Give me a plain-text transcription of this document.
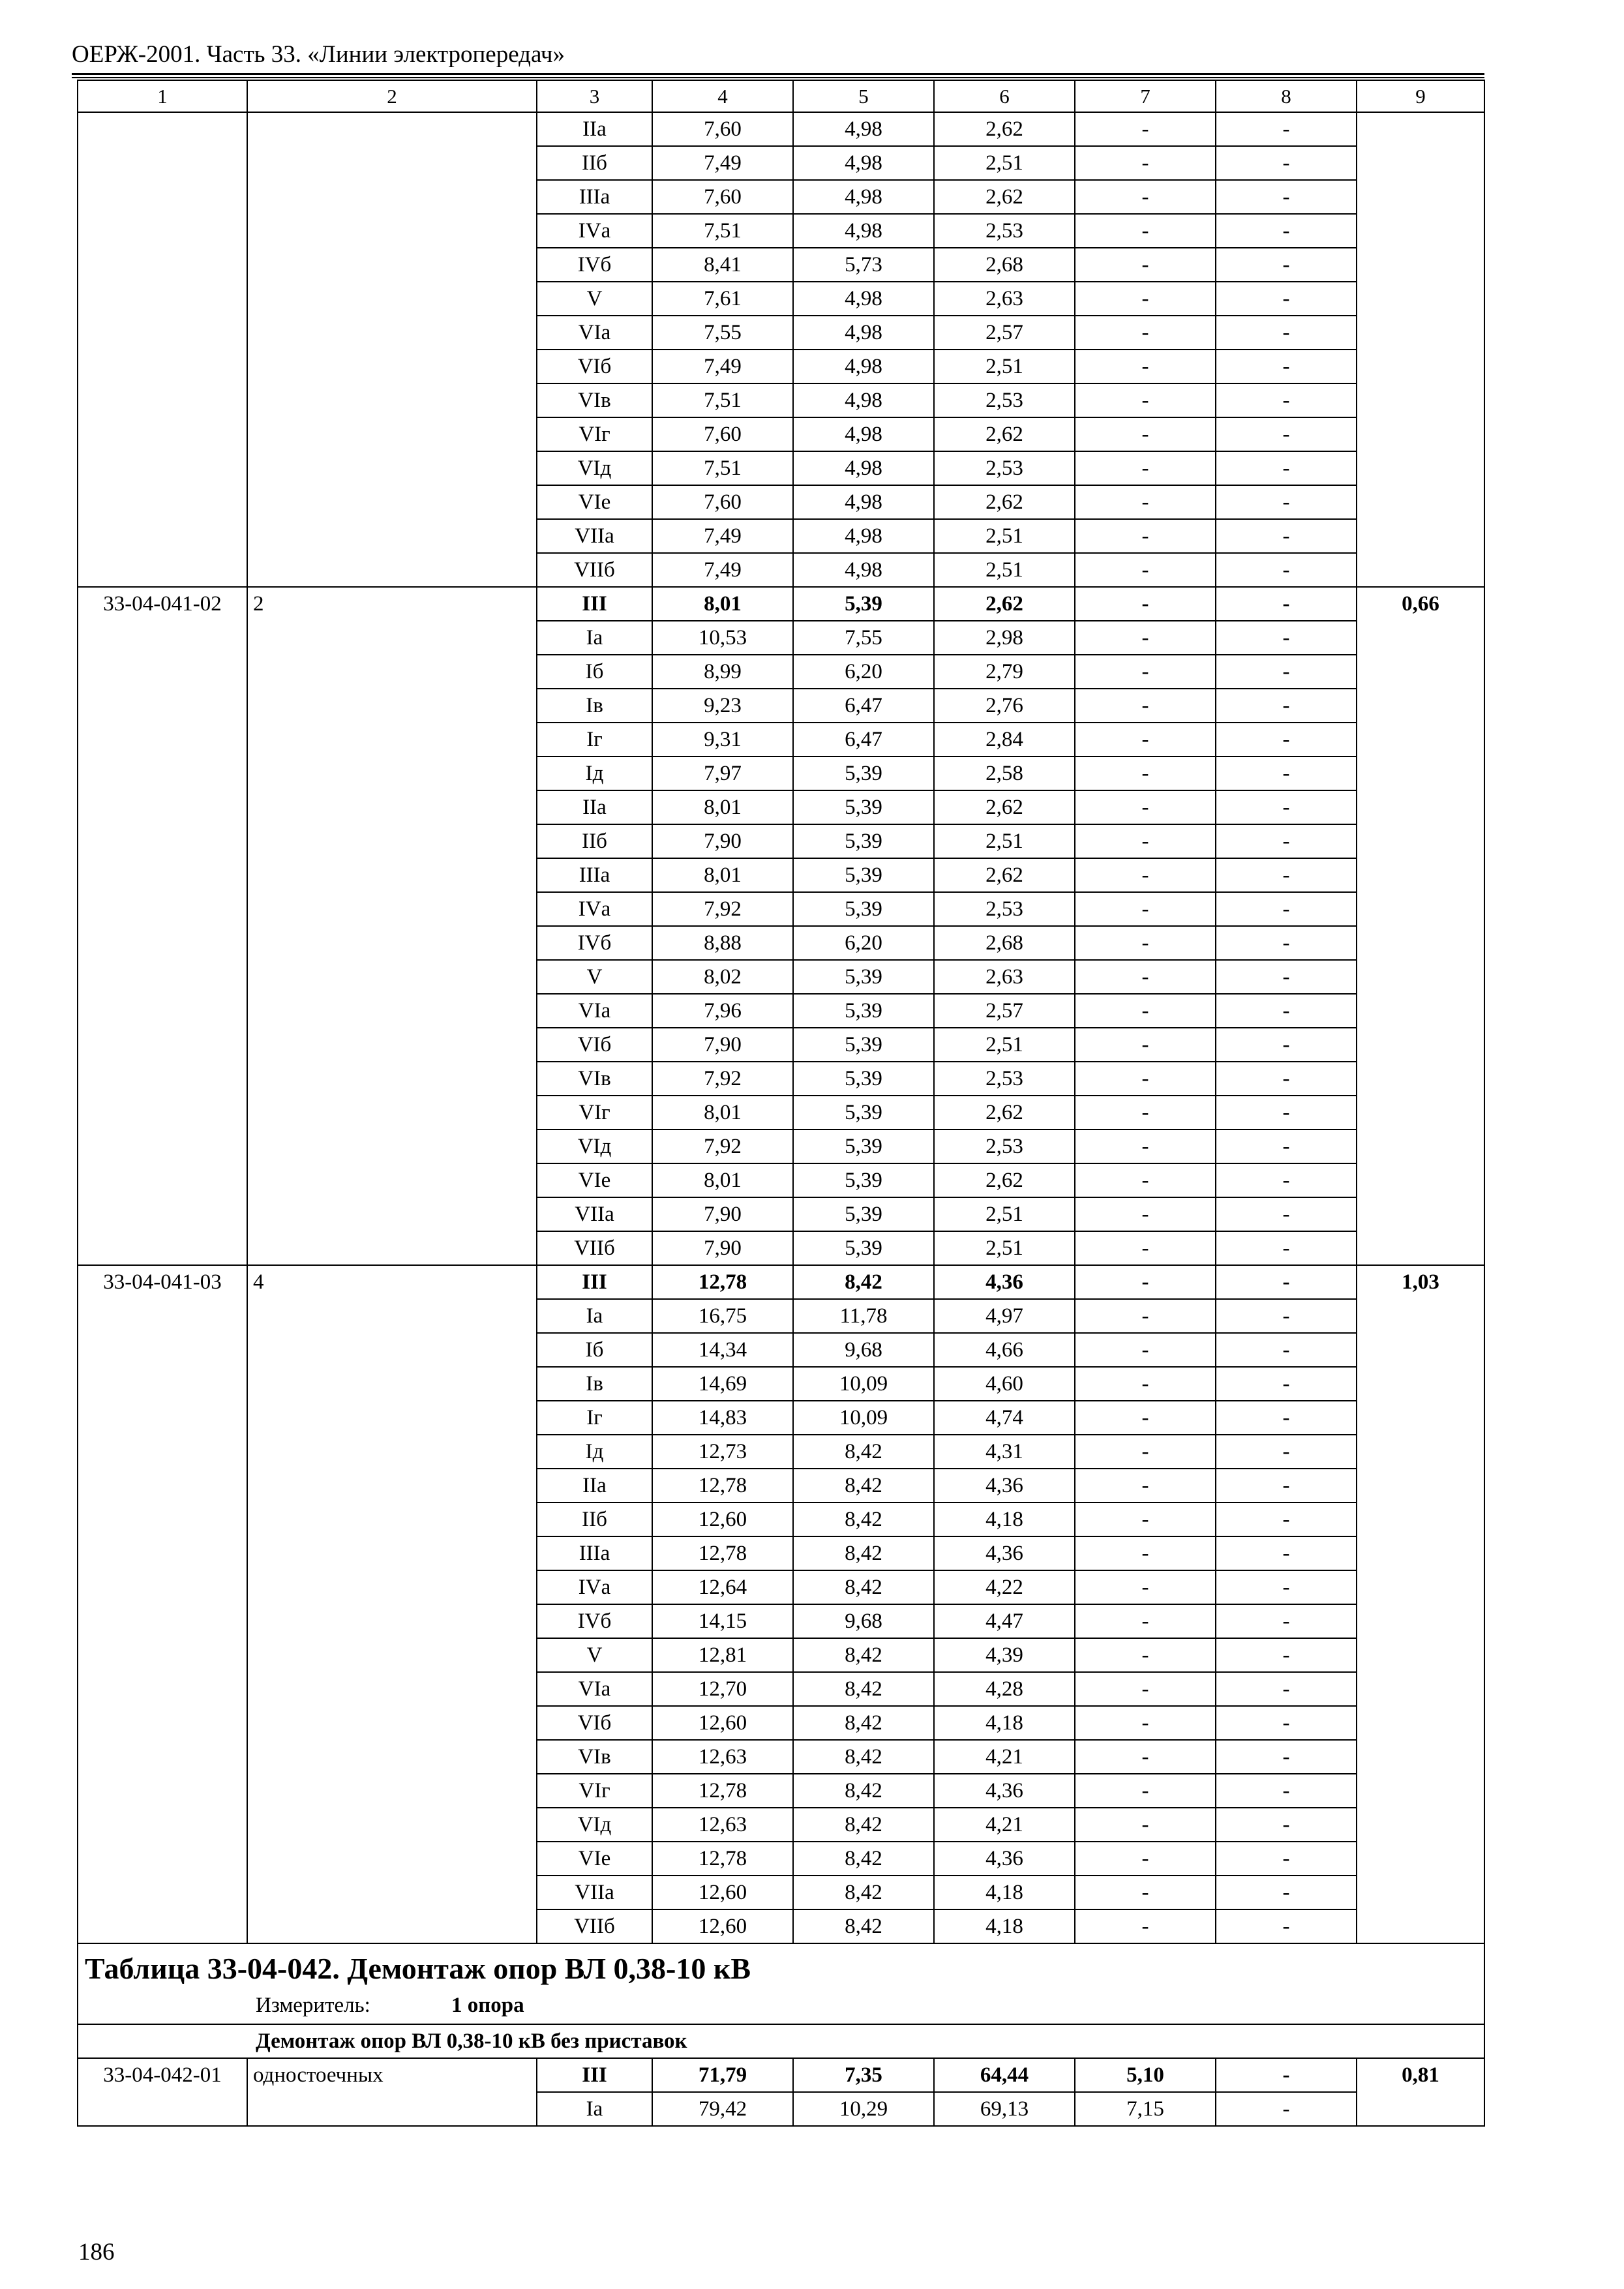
ОЕРЖ-2001. Часть 33. «Линии электропередач»
1	2	3	4	5	6	7	8	9
		IIа	7,60	4,98	2,62	-	-	
		IIб	7,49	4,98	2,51	-	-	
		IIIа	7,60	4,98	2,62	-	-	
		IVа	7,51	4,98	2,53	-	-	
		IVб	8,41	5,73	2,68	-	-	
		V	7,61	4,98	2,63	-	-	
		VIа	7,55	4,98	2,57	-	-	
		VIб	7,49	4,98	2,51	-	-	
		VIв	7,51	4,98	2,53	-	-	
		VIг	7,60	4,98	2,62	-	-	
		VIд	7,51	4,98	2,53	-	-	
		VIе	7,60	4,98	2,62	-	-	
		VIIа	7,49	4,98	2,51	-	-	
		VIIб	7,49	4,98	2,51	-	-	
33-04-041-02	2	III	8,01	5,39	2,62	-	-	0,66
		Iа	10,53	7,55	2,98	-	-	
		Iб	8,99	6,20	2,79	-	-	
		Iв	9,23	6,47	2,76	-	-	
		Iг	9,31	6,47	2,84	-	-	
		Iд	7,97	5,39	2,58	-	-	
		IIа	8,01	5,39	2,62	-	-	
		IIб	7,90	5,39	2,51	-	-	
		IIIа	8,01	5,39	2,62	-	-	
		IVа	7,92	5,39	2,53	-	-	
		IVб	8,88	6,20	2,68	-	-	
		V	8,02	5,39	2,63	-	-	
		VIа	7,96	5,39	2,57	-	-	
		VIб	7,90	5,39	2,51	-	-	
		VIв	7,92	5,39	2,53	-	-	
		VIг	8,01	5,39	2,62	-	-	
		VIд	7,92	5,39	2,53	-	-	
		VIе	8,01	5,39	2,62	-	-	
		VIIа	7,90	5,39	2,51	-	-	
		VIIб	7,90	5,39	2,51	-	-	
33-04-041-03	4	III	12,78	8,42	4,36	-	-	1,03
		Iа	16,75	11,78	4,97	-	-	
		Iб	14,34	9,68	4,66	-	-	
		Iв	14,69	10,09	4,60	-	-	
		Iг	14,83	10,09	4,74	-	-	
		Iд	12,73	8,42	4,31	-	-	
		IIа	12,78	8,42	4,36	-	-	
		IIб	12,60	8,42	4,18	-	-	
		IIIа	12,78	8,42	4,36	-	-	
		IVа	12,64	8,42	4,22	-	-	
		IVб	14,15	9,68	4,47	-	-	
		V	12,81	8,42	4,39	-	-	
		VIа	12,70	8,42	4,28	-	-	
		VIб	12,60	8,42	4,18	-	-	
		VIв	12,63	8,42	4,21	-	-	
		VIг	12,78	8,42	4,36	-	-	
		VIд	12,63	8,42	4,21	-	-	
		VIе	12,78	8,42	4,36	-	-	
		VIIа	12,60	8,42	4,18	-	-	
		VIIб	12,60	8,42	4,18	-	-	

Таблица 33-04-042. Демонтаж опор ВЛ 0,38-10 кВ
Измеритель: 1 опора								

Демонтаж опор ВЛ 0,38-10 кВ без приставок								
33-04-042-01	одностоечных	III	71,79	7,35	64,44	5,10	-	0,81
		Iа	79,42	10,29	69,13	7,15	-	
186
